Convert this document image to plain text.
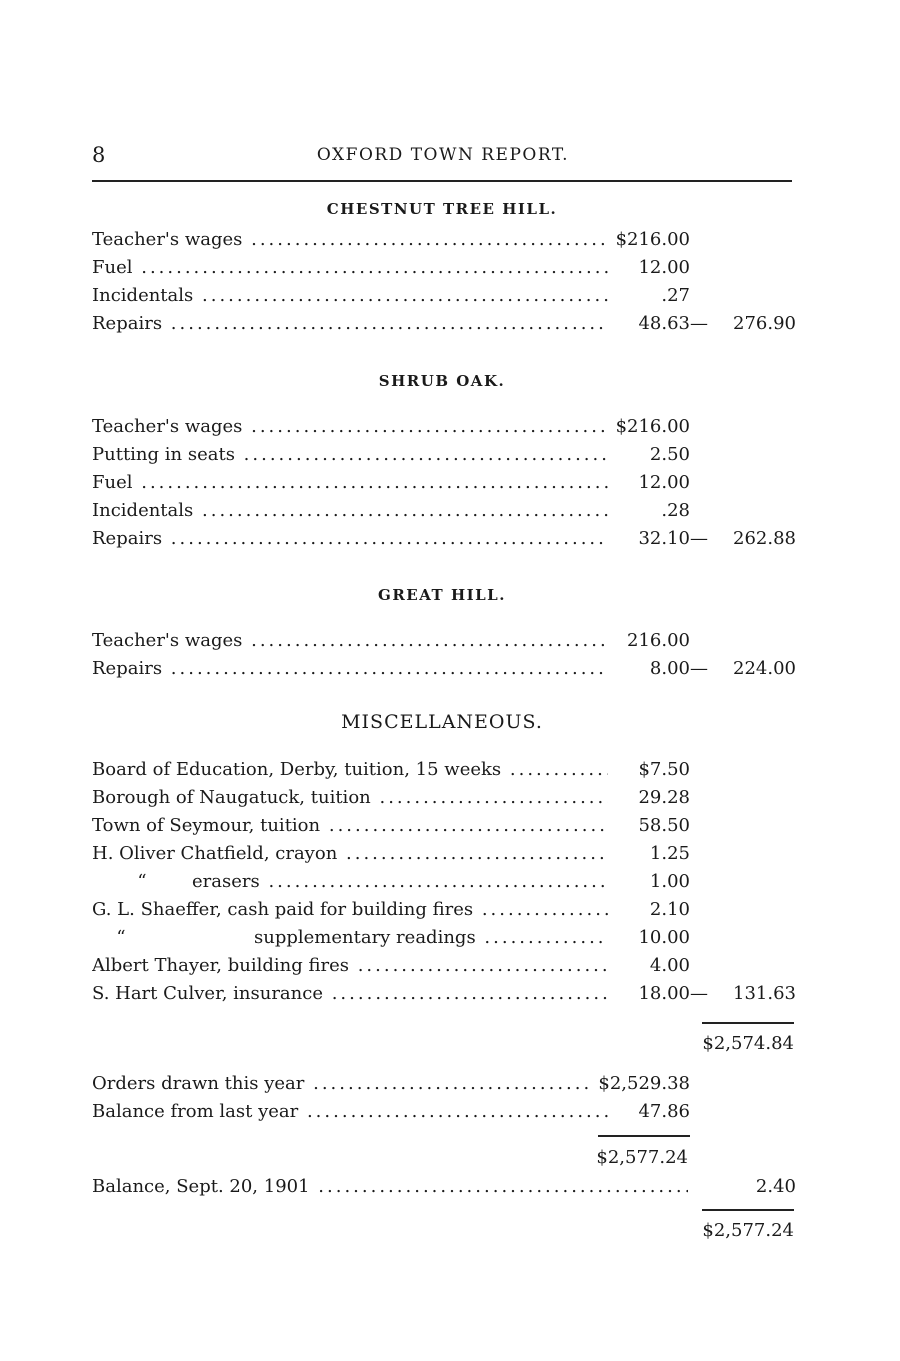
8	OXFORD TOWN REPORT.
CHESTNUT TREE HILL.
Teacher's wages .....	$216.00
Fuel .....	12.00
Incidentals .....	.27
Repairs .....	48.63 —	276.90
SHRUB OAK.
Teacher's wages .....	$216.00
Putting in seats .....	2.50
Fuel .....	12.00
Incidentals .....	.28
Repairs .....	32.10 —	262.88
GREAT HILL.
Teacher's wages .....	216.00
Repairs .....	8.00 —	224.00
MISCELLANEOUS.
Board of Education, Derby, tuition, 15 weeks .....	$7.50
Borough of Naugatuck, tuition .....	29.28
Town of Seymour, tuition .....	58.50
H. Oliver Chatfield, crayon .....	1.25
“	erasers .....	1.00
G. L. Shaeffer, cash paid for building fires .....	2.10
“	supplementary readings .....	10.00
Albert Thayer, building fires .....	4.00
S. Hart Culver, insurance .....	18.00 —	131.63
$2,574.84
Orders drawn this year .....	$2,529.38
Balance from last year .....	47.86
$2,577.24
Balance, Sept. 20, 1901 .....	2.40
$2,577.24
